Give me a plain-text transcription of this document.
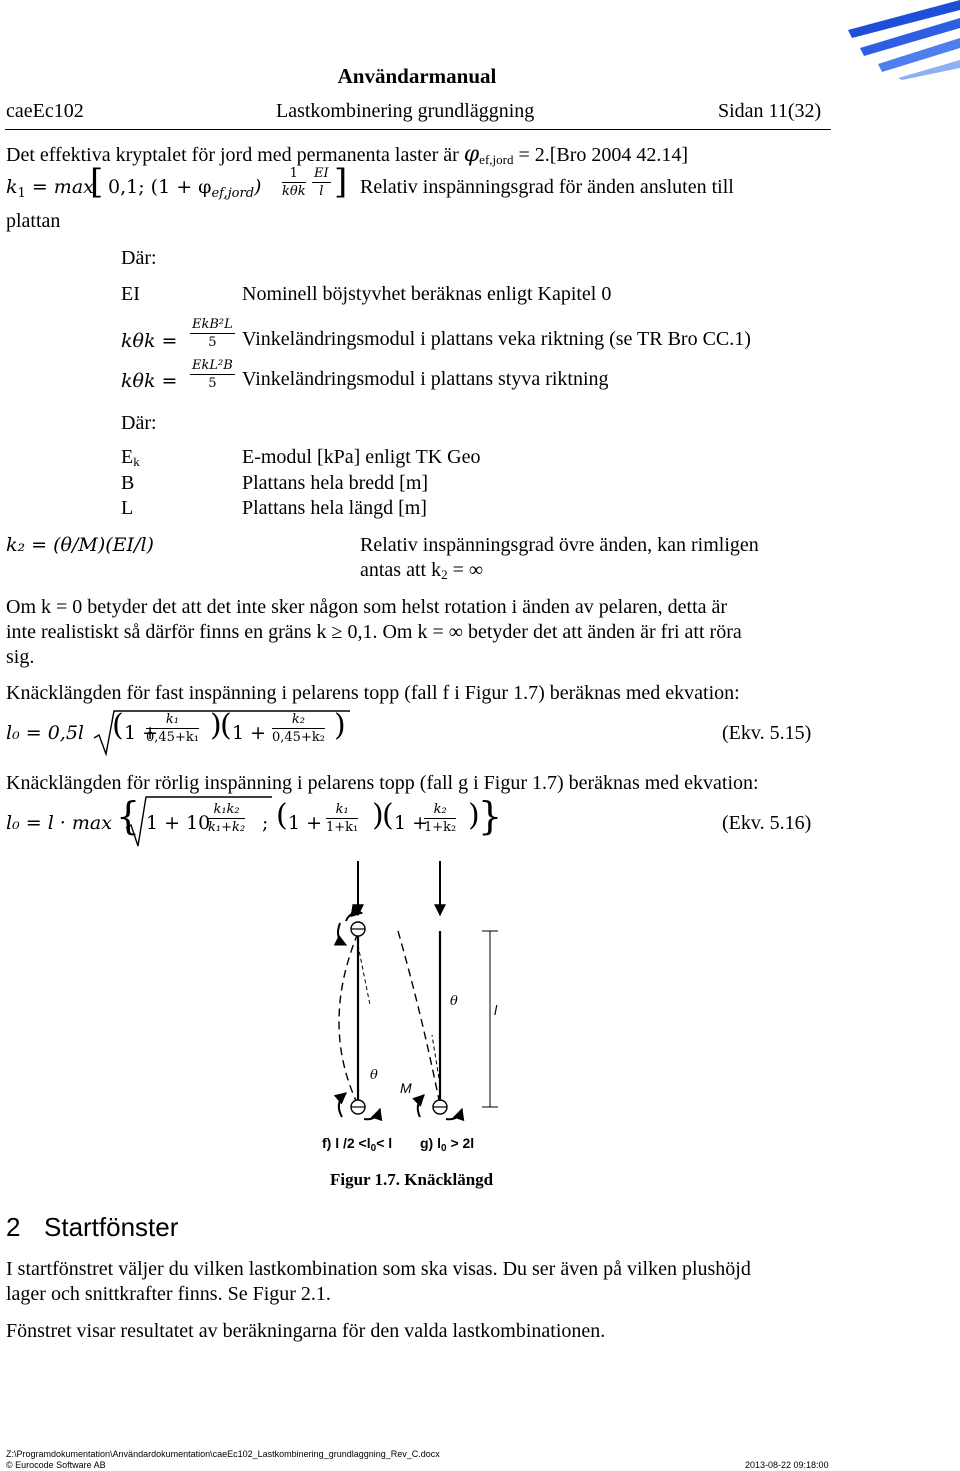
Användarmanual
caeEc102	Lastkombinering grundläggning	Sidan 11(32)
Det effektiva kryptalet för jord med permanenta laster är φef,jord = 2.[Bro 2004 42.14]
$k_1 = \max$
[ 0,1; $(1 + \varphi_{ef,jord})$
1
kθk $\frac{EI}{l}$ ] Relativ inspänningsgrad för änden ansluten till
plattan
Där:
EI	Nominell böjstyvhet beräknas enligt Kapitel 0
kθk =
EkB²L
5	Vinkeländringsmodul i plattans veka riktning (se TR Bro CC.1)
kθk =
EkL²B
5	Vinkeländringsmodul i plattans styva riktning
Där:
Ek	E-modul [kPa] enligt TK Geo
B	Plattans hela bredd [m]
L	Plattans hela längd [m]
k₂ = (θ/M)(EI/l)	Relativ inspänningsgrad övre änden, kan rimligen
antas att k2 = ∞
Om k = 0 betyder det att det inte sker någon som helst rotation i änden av pelaren, detta är
inte realistiskt så därför finns en gräns k ≥ 0,1. Om k = ∞ betyder det att änden är fri att röra
sig.
Knäcklängden för fast inspänning i pelarens topp (fall f i Figur 1.7) beräknas med ekvation:
l₀ = 0,5l ( 1 +
$\frac{\text{k₁}}{\text{0,45+k₁}}$ )
( $1 + \frac{\text{k₂}}{\text{0,45+k₂}}$ )	(Ekv. 5.15)
Knäcklängden för rörlig inspänning i pelarens topp (fall g i Figur 1.7) beräknas med ekvation:
l₀ = l · max { 1 + 10
$\frac{\text{k₁k₂}}{\text{k₁+k₂}}$ ; ( $1 + \frac{\text{k₁}}{\text{1+k₁}}$ )
( 1 +
$\frac{\text{k₂}}{\text{1+k₂}}$ )
}	(Ekv. 5.16)
θ
θ
M
l
f) l $/2 <l_0< l$ g) $l_0 > 2l$
Figur 1.7. Knäcklängd
2 Startfönster
I startfönstret väljer du vilken lastkombination som ska visas. Du ser även på vilken plushöjd
lager och snittkrafter finns. Se Figur 2.1.
Fönstret visar resultatet av beräkningarna för den valda lastkombinationen.
Z:\Programdokumentation\Användardokumentation\caeEc102_Lastkombinering_grundlaggning_Rev_C.docx
© Eurocode Software AB	2013-08-22 09:18:00
